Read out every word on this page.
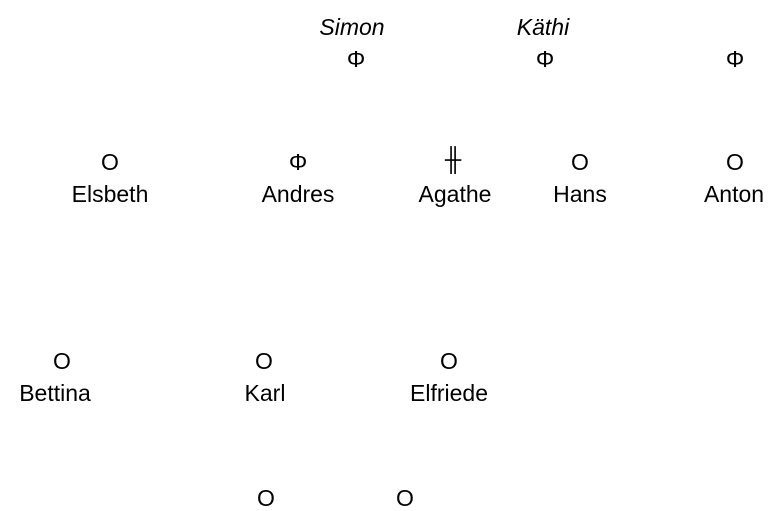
Simon
Φ
Käthi
Φ	Φ
O
Elsbeth
Φ
Andres
╫
Agathe
O
Hans
O
Anton
O
Bettina
O
Karl
O
Elfriede
O	O
